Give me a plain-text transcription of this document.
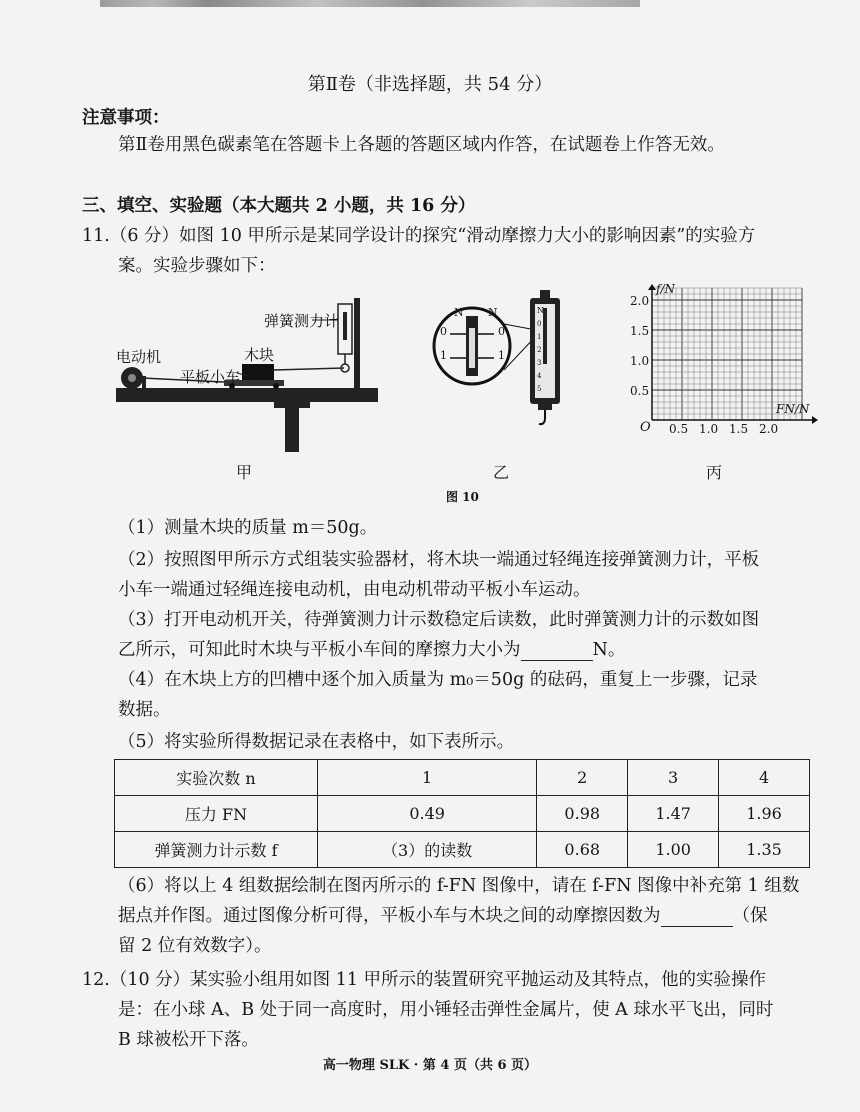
第Ⅱ卷（非选择题，共 54 分）
注意事项：
第Ⅱ卷用黑色碳素笔在答题卡上各题的答题区域内作答，在试题卷上作答无效。
三、填空、实验题（本大题共 2 小题，共 16 分）
11.（6 分）如图 10 甲所示是某同学设计的探究“滑动摩擦力大小的影响因素”的实验方
案。实验步骤如下：
弹簧测力计
电动机	木块
平板小车
甲
N N
0	0
1	1
N
0
1
2
3
4
5
乙
f/N
FN/N
O
2.0
1.5
1.0
0.5
0.5 1.0 1.5 2.0
丙
图 10
（1）测量木块的质量 m＝50g。
（2）按照图甲所示方式组装实验器材，将木块一端通过轻绳连接弹簧测力计，平板
小车一端通过轻绳连接电动机，由电动机带动平板小车运动。
（3）打开电动机开关，待弹簧测力计示数稳定后读数，此时弹簧测力计的示数如图
乙所示，可知此时木块与平板小车间的摩擦力大小为	N。
（4）在木块上方的凹槽中逐个加入质量为 m₀＝50g 的砝码，重复上一步骤，记录
数据。
（5）将实验所得数据记录在表格中，如下表所示。
实验次数 n	1	2	3	4
压力 FN	0.49	0.98	1.47	1.96
弹簧测力计示数 f	（3）的读数	0.68	1.00	1.35
（6）将以上 4 组数据绘制在图丙所示的 f-FN 图像中，请在 f-FN 图像中补充第 1 组数
据点并作图。通过图像分析可得，平板小车与木块之间的动摩擦因数为	（保
留 2 位有效数字）。
12.（10 分）某实验小组用如图 11 甲所示的装置研究平抛运动及其特点，他的实验操作
是：在小球 A、B 处于同一高度时，用小锤轻击弹性金属片，使 A 球水平飞出，同时
B 球被松开下落。
高一物理 SLK · 第 4 页（共 6 页）
